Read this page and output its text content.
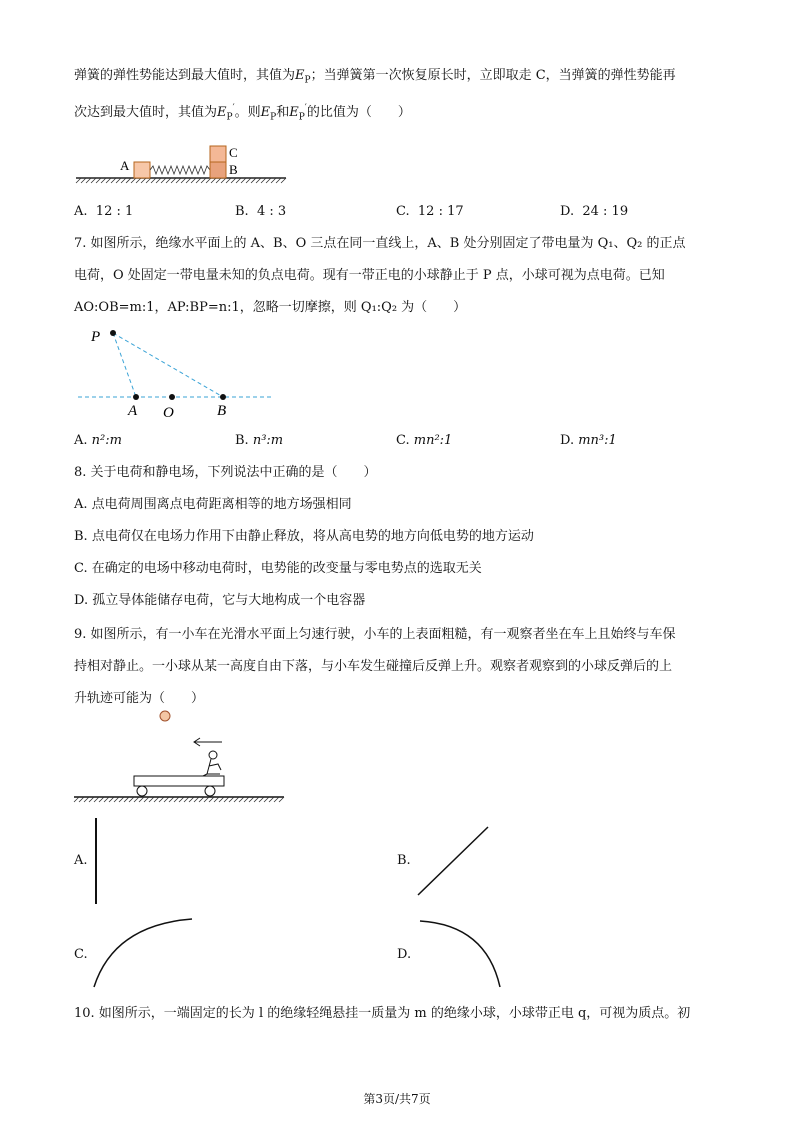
弹簧的弹性势能达到最大值时，其值为$E_P$；当弹簧第一次恢复原长时，立即取走 C，当弹簧的弹性势能再
次达到最大值时，其值为$E_P'$。则$E_P$和$E_P'$的比值为（　　）
A
C
B
A. 12 : 1	B. 4 : 3	C. 12 : 17	D. 24 : 19
7. 如图所示，绝缘水平面上的 A、B、O 三点在同一直线上，A、B 处分别固定了带电量为 Q₁、Q₂ 的正点
电荷，O 处固定一带电量未知的负点电荷。现有一带正电的小球静止于 P 点，小球可视为点电荷。已知
AO:OB=m:1，AP:BP=n:1，忽略一切摩擦，则 Q₁:Q₂ 为（　　）
P
A O	B
A. n²:m	B. n³:m	C. mn²:1	D. mn³:1
8. 关于电荷和静电场，下列说法中正确的是（　　）
A. 点电荷周围离点电荷距离相等的地方场强相同
B. 点电荷仅在电场力作用下由静止释放，将从高电势的地方向低电势的地方运动
C. 在确定的电场中移动电荷时，电势能的改变量与零电势点的选取无关
D. 孤立导体能储存电荷，它与大地构成一个电容器
9. 如图所示，有一小车在光滑水平面上匀速行驶，小车的上表面粗糙，有一观察者坐在车上且始终与车保
持相对静止。一小球从某一高度自由下落，与小车发生碰撞后反弹上升。观察者观察到的小球反弹后的上
升轨迹可能为（　　）
A.	B.
C.	D.
10. 如图所示，一端固定的长为 l 的绝缘轻绳悬挂一质量为 m 的绝缘小球，小球带正电 q，可视为质点。初
第3页/共7页
